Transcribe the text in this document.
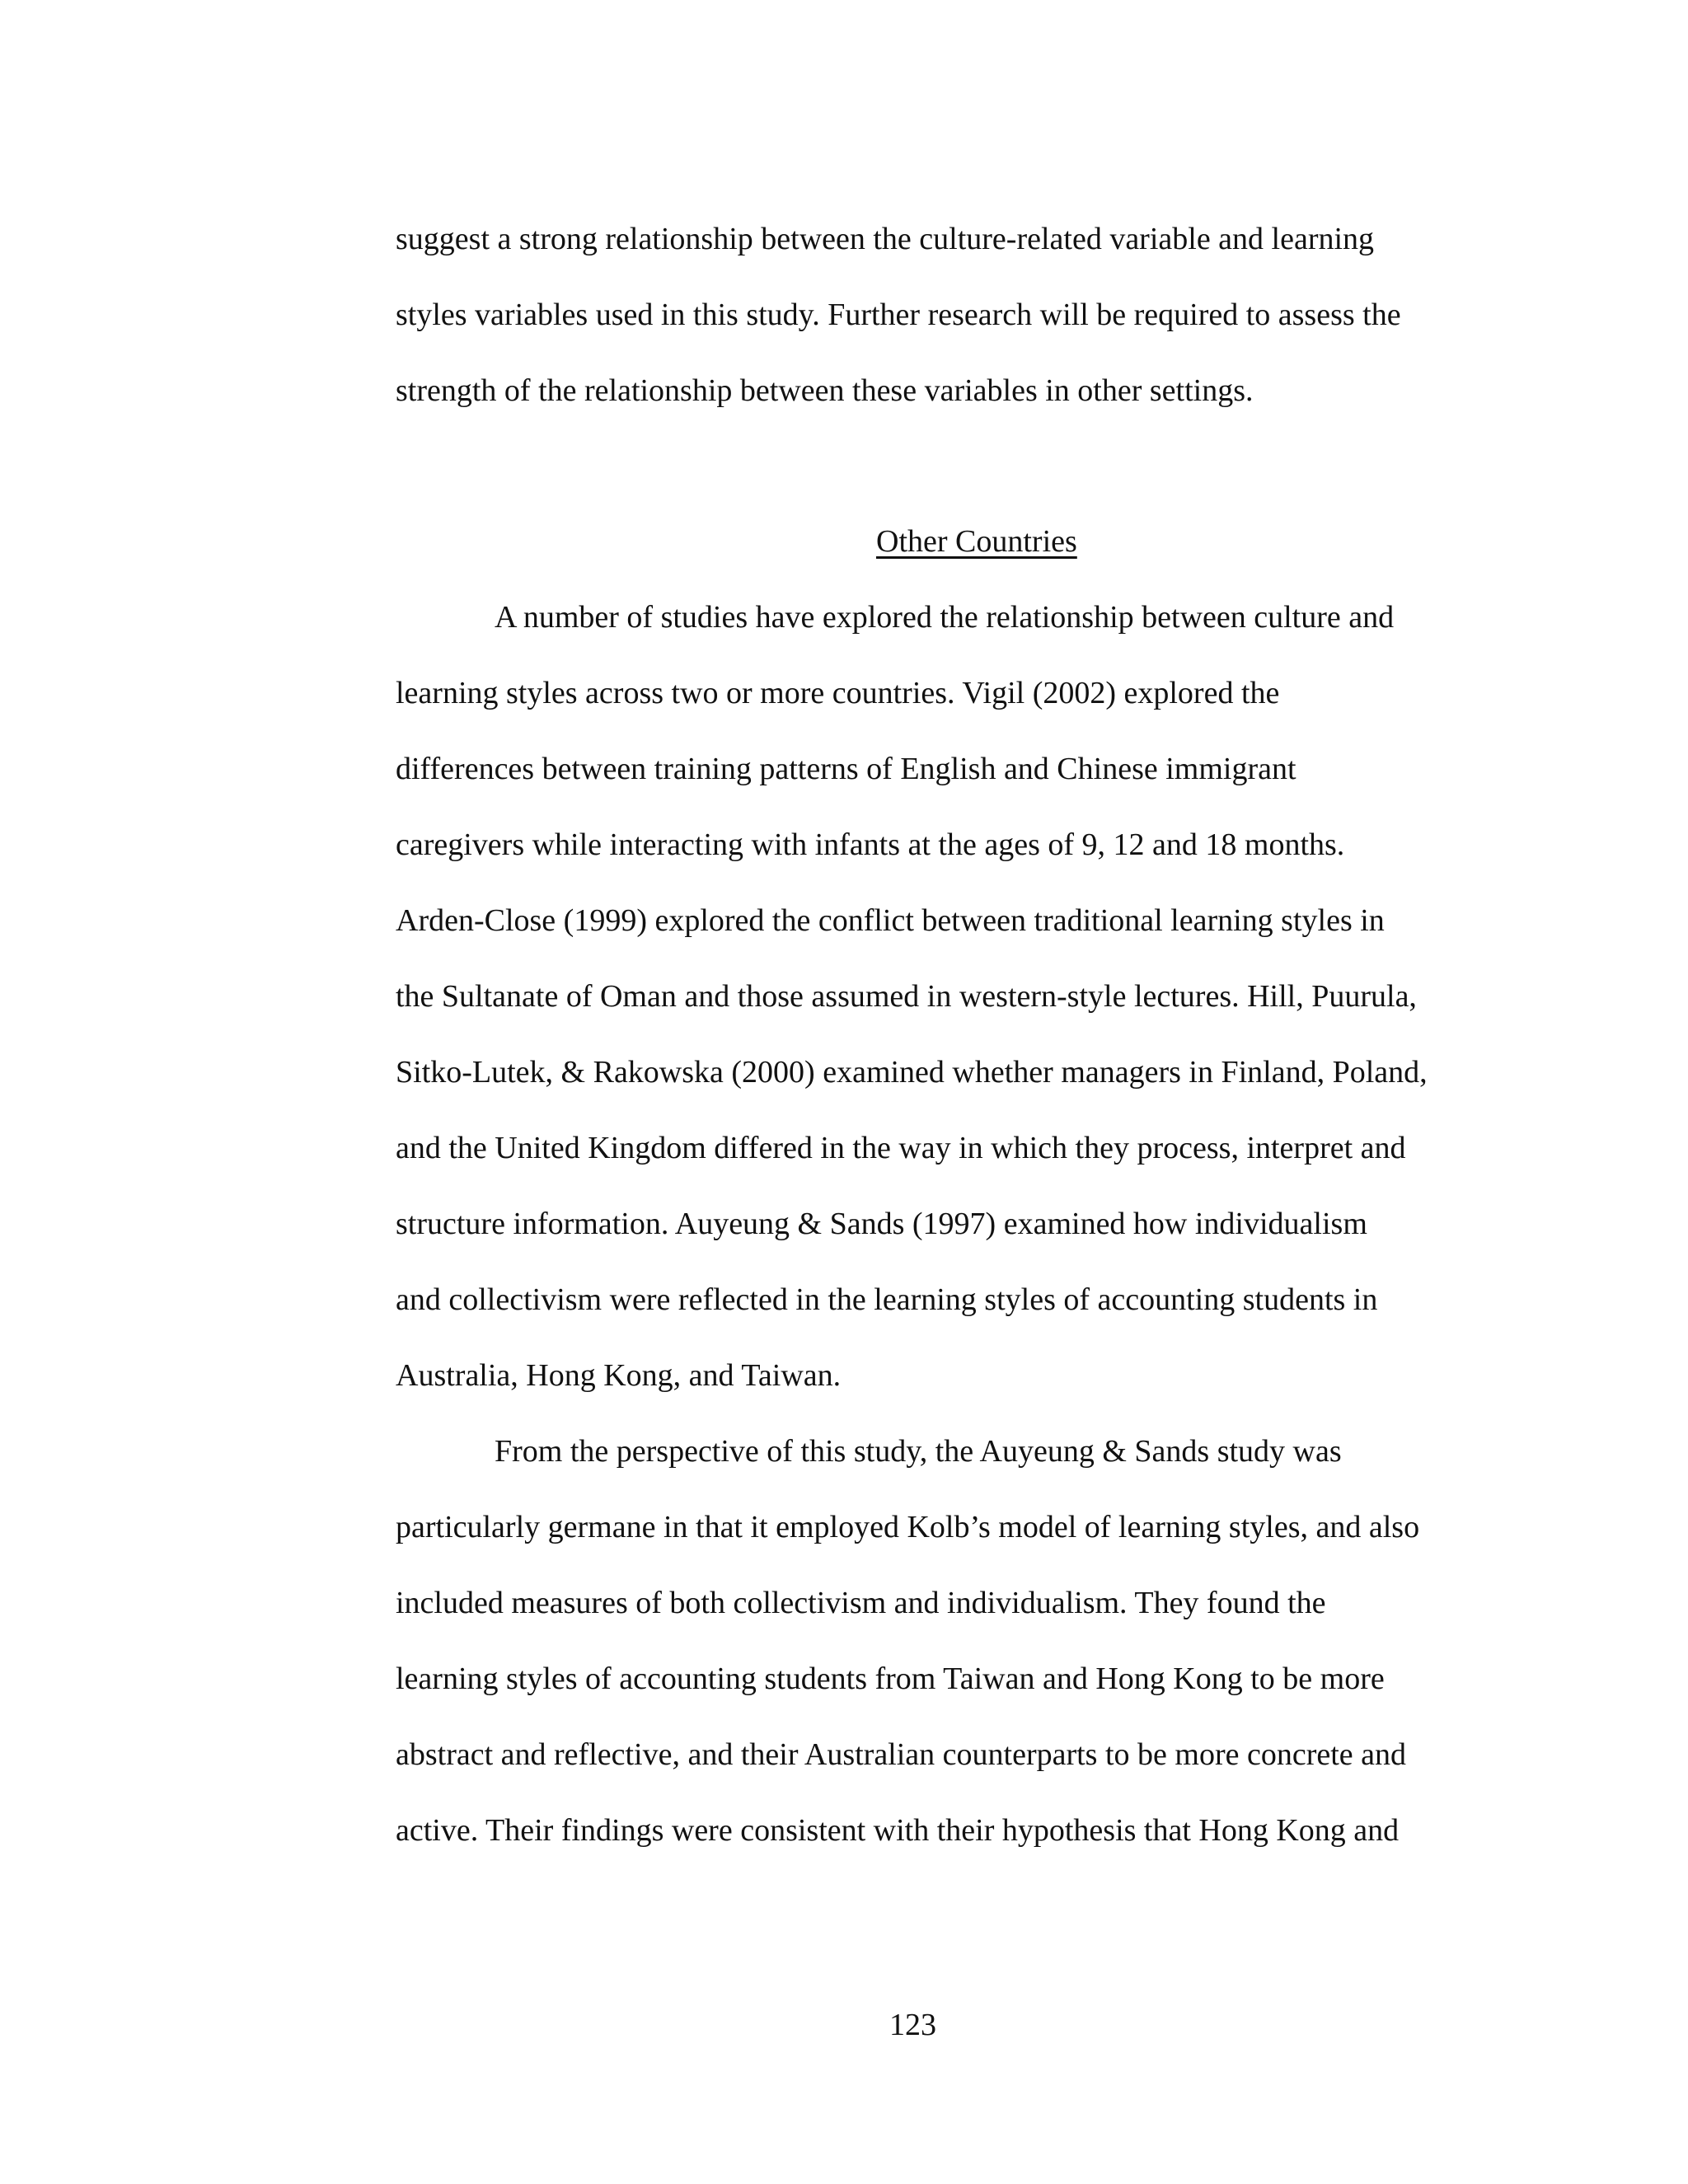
suggest a strong relationship between the culture-related variable and learning
styles variables used in this study. Further research will be required to assess the
strength of the relationship between these variables in other settings.
Other Countries
A number of studies have explored the relationship between culture and
learning styles across two or more countries. Vigil (2002) explored the
differences between training patterns of English and Chinese immigrant
caregivers while interacting with infants at the ages of 9, 12 and 18 months.
Arden-Close (1999) explored the conflict between traditional learning styles in
the Sultanate of Oman and those assumed in western-style lectures. Hill, Puurula,
Sitko-Lutek, & Rakowska (2000) examined whether managers in Finland, Poland,
and the United Kingdom differed in the way in which they process, interpret and
structure information. Auyeung & Sands (1997) examined how individualism
and collectivism were reflected in the learning styles of accounting students in
Australia, Hong Kong, and Taiwan.
From the perspective of this study, the Auyeung & Sands study was
particularly germane in that it employed Kolb’s model of learning styles, and also
included measures of both collectivism and individualism. They found the
learning styles of accounting students from Taiwan and Hong Kong to be more
abstract and reflective, and their Australian counterparts to be more concrete and
active. Their findings were consistent with their hypothesis that Hong Kong and
123
